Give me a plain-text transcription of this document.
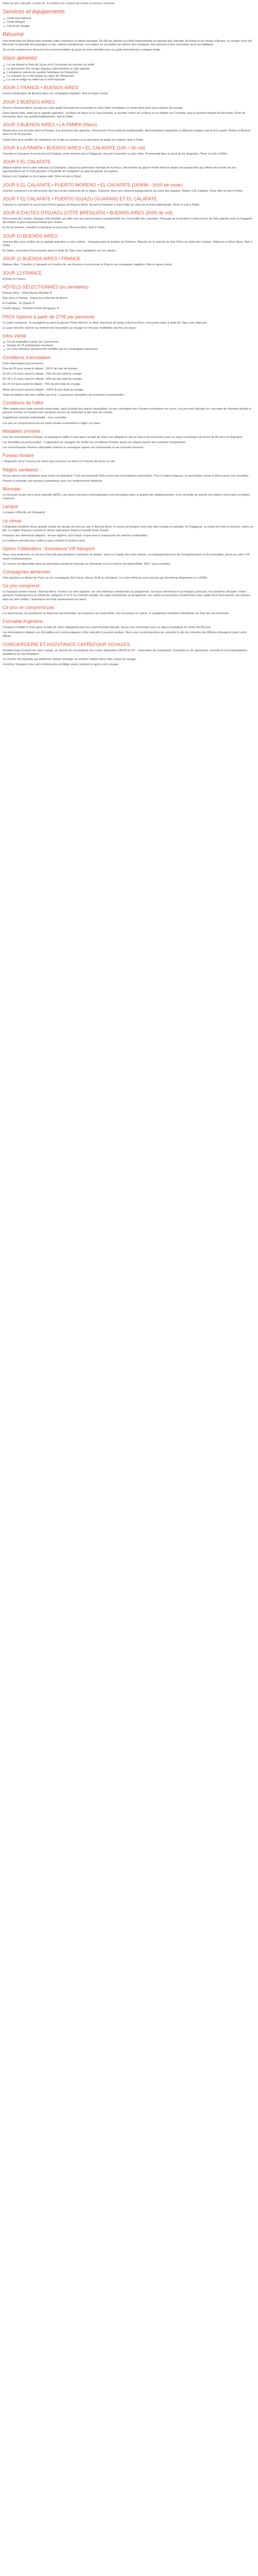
Dans les prix indicatifs à partir de, du forfait sont compris les extras et services suivants :

Services et équipements
Guide francophone
Guide bilingue
Carnet de voyage
Résumé

Une immersion au Brésil entre grandes villes coloniales et nature sauvage. De Rio de Janeiro à la forêt amazonienne en passant par Salvador de Bahia et les chutes d'Iguaçu, ce voyage vous fait découvrir la diversité des paysages et des cultures brésiliennes. Les étapes se succèdent au rythme des musiques, des saveurs et des rencontres avec les habitants.

Un circuit complet pour découvrir les incontournables du pays en toute sérénité avec un guide francophone à chaque étape.

Vous aimerez
La vue depuis le Pain de Sucre et le Corcovado au coucher du soleil
La découverte des chutes d'Iguaçu côté brésilien et côté argentin
L'ambiance colorée du quartier historique du Pelourinho
La croisière sur le Rio Negro au cœur de l'Amazonie
La nuit en lodge au milieu de la forêt tropicale
JOUR 1 FRANCE • BUENOS AIRES

Envol à destination de Buenos Aires sur compagnie régulière. Nuit et repas à bord.

JOUR 2 BUENOS AIRES

Arrivée à Buenos Aires, accueil par votre guide francophone et transfert à votre hôtel. Installation et temps libre pour vous reposer du voyage.

Dans l'après-midi, visite de la capitale argentine : la Plaza de Mayo et la Casa Rosada, le quartier coloré de La Boca et sa célèbre rue Caminito, puis le quartier élégant de Recoleta. Dîner de bienvenue dans une parrilla traditionnelle. Nuit à l'hôtel.

JOUR 3 BUENOS AIRES • LA PAMPA (95km)

Départ pour une journée dans la Pampa, à la rencontre des gauchos. Découverte d'une estancia traditionnelle, démonstrations équestres et déjeuner typique autour d'un asado. Retour à Buenos Aires en fin de journée.

Soirée libre pour profiter de l'ambiance de la ville ou assister à un spectacle de tango (en option). Nuit à l'hôtel.

JOUR 4 LA PAMPA • BUENOS AIRES • EL CALAFATE (100 ÷ 5h vol)

Transfert à l'aéroport et envol pour El Calafate, porte d'entrée de la Patagonie. Accueil et transfert à votre hôtel. Promenade libre au bord du lac Argentino. Dîner et nuit à l'hôtel.

JOUR 5 EL CALAFATE

Départ matinal vers le parc national Los Glaciares, classé au patrimoine mondial de l'Unesco. Découverte du glacier Perito Moreno depuis les passerelles qui offrent des points de vue spectaculaires sur le front glaciaire. Possibilité de navigation au pied du glacier (en option).

Retour à El Calafate en fin d'après-midi. Dîner et nuit à l'hôtel.

JOUR 6 EL CALAFATE • PUERTO MORENO • EL CALAFATE (160KM - 1h00 de route)

Journée consacrée à la découverte des lacs et des estancias de la région. Déjeuner dans une estancia patagonienne au cœur des steppes. Retour à El Calafate. Dîner libre et nuit à l'hôtel.

JOUR 7 EL CALAFATE • PUERTO IGUAZU (GUARANI) ET EL CALAFATE

Transfert à l'aéroport et envol pour Puerto Iguazu via Buenos Aires. Accueil et transfert à votre hôtel au cœur de la forêt subtropicale. Dîner et nuit à l'hôtel.

JOUR 8 CHUTES D'IGUAZU (CÔTÉ BRÉSILIEN) • BUENOS AIRES (2h00 de vol)

Découverte des chutes d'Iguaçu côté brésilien qui offre une vue panoramique exceptionnelle sur l'ensemble des cascades. Passage de la frontière et découverte du côté argentin avec la Garganta del Diablo, la plus impressionnante des chutes.

En fin de journée, transfert à l'aéroport et envol pour Buenos Aires. Nuit à l'hôtel.

JOUR 10 BUENOS AIRES

Journée libre pour profiter de la capitale argentine à votre rythme : shopping dans le quartier de Palermo, flânerie sur le marché de San Telmo ou visite des musées. Déjeuner et dîner libres. Nuit à l'hôtel.

En option, excursion d'une journée dans le delta du Tigre avec navigation sur les canaux.

JOUR 11 BUENOS AIRES • FRANCE

Matinée libre. Transfert à l'aéroport en fonction de vos horaires et envol pour la France sur compagnie régulière. Nuit et repas à bord.

JOUR 12 FRANCE

Arrivée en France.

HÔTELS SÉLECTIONNÉS (ou similaires)

Buenos Aires : Hotel Nuevo Mundial 4*

Nuit dans la Pampa : Estancia La Bamba de Areco

El Calafate : El Quijote 3*

Puerto Iguazu : Amérian Portal del Iguazu 4*

PACK Options à partir de 270€ par personne

Ce pack comprend : la navigation au pied du glacier Perito Moreno, le dîner spectacle de tango à Buenos Aires, l'excursion dans le delta du Tigre avec déjeuner.

Le pack doit être réservé au moment de l'inscription au voyage et n'est pas modifiable une fois sur place.

Infos Vérité
Circuit réalisable à partir de 2 personnes
Groupe de 16 participants maximum
Les vols intérieurs peuvent être modifiés par les compagnies aériennes
Conditions d'annulation

Frais d'annulation par personne :

Plus de 60 jours avant le départ : 150 € de frais de dossier.

De 60 à 31 jours avant le départ : 25% du prix total du voyage.

De 30 à 21 jours avant le départ : 50% du prix total du voyage.

De 20 à 8 jours avant le départ : 75% du prix total du voyage.

Moins de 8 jours avant le départ : 100% du prix total du voyage.

Toute annulation doit être notifiée par écrit. L'assurance annulation est vivement recommandée.

Conditions de l'offre

Offre valable pour toute nouvelle réservation, dans la limite des places disponibles, et non cumulable avec d'autres promotions en cours. Les prix sont calculés sur une base de chambre double et peuvent évoluer en fonction des variations du prix du carburant et des taux de change.

Supplément chambre individuelle : nous consulter.

Les prix ne comprennent pas les taxes locales éventuelles à régler sur place.

Modalités d'entrée :

Pour les ressortissants français, un passeport valide 6 mois après la date de retour est obligatoire. Aucun visa n'est nécessaire pour un séjour touristique de moins de 90 jours en Argentine.

Les formalités peuvent évoluer : il appartient au voyageur de vérifier les conditions d'entrée avant son départ auprès des autorités compétentes.

Les ressortissants d'autres nationalités doivent se renseigner auprès de l'ambassade ou du consulat concerné.

Fuseau horaire

L'Argentine est à 4 heures de moins que la France en hiver et 5 heures de moins en été.

Règles sanitaires :

Aucun vaccin n'est obligatoire pour entrer en Argentine. Il est recommandé d'être à jour des vaccinations universelles. Pour la région d'Iguazu, la vaccination contre la fièvre jaune est conseillée.

Pensez à emporter une trousse à pharmacie avec vos médicaments habituels.

Monnaie

La monnaie locale est le peso argentin (ARS). Les cartes bancaires internationales sont acceptées dans la plupart des établissements. Il est conseillé de prévoir des dollars américains en petites coupures.

Langue

La langue officielle est l'espagnol.

Le climat

L'Argentine bénéficie d'une grande variété de climats du nord au sud. À Buenos Aires, le climat est tempéré avec des étés chauds et humides. En Patagonie, le climat est froid et venteux, même en été. La région d'Iguazu connaît un climat subtropical chaud et humide toute l'année.

Prévoyez des vêtements adaptés : tenues légères, pull chaud, coupe-vent et chaussures de marche confortables.

La meilleure période pour visiter le pays s'étend d'octobre à avril.

Option Fidélisation : Assistance VIP Aéroport

Nous vous proposons un service d'accueil personnalisé à l'aéroport de départ : prise en charge dès votre arrivée, accompagnement lors de l'enregistrement et des formalités, accès au salon VIP avant l'embarquement.

Ce service est disponible dans les principaux aéroports français sur demande et sous réserve de disponibilité. Tarif : nous consulter.

Compagnies aériennes

Vols réguliers au départ de Paris sur les compagnies Air France, Iberia, KLM ou similaires. Les vols intérieurs sont assurés par Aerolineas Argentinas ou LATAM.

Ce prix comprend

Le transport aérien France / Buenos Aires / France sur vols réguliers, les vols intérieurs mentionnés au programme, les taxes aériennes et surcharges carburant, les transferts aéroport / hôtel / aéroport, l'hébergement en hôtels de catégorie 3* et 4* en chambre double, les repas mentionnés au programme, les visites et excursions mentionnées avec guide local francophone, les entrées dans les sites visités, l'assistance de notre représentant sur place.

Ce prix ne comprend pas

Les assurances, les pourboires et dépenses personnelles, les boissons, les repas libres, les excursions en option, le supplément chambre individuelle, les frais de visa éventuels.

Formalité Argentine

Passeport valable 6 mois après la date de retour obligatoire pour les ressortissants français. Aucun visa nécessaire pour un séjour touristique de moins de 90 jours.

Les informations relatives aux formalités sont communiquées à titre indicatif et peuvent évoluer. Nous vous recommandons de consulter le site du ministère des Affaires étrangères avant votre départ.

CONCIERGERIE ET ASSISTANCE CARREFOUR VOYAGES

Pendant toute la durée de votre voyage, un service de conciergerie est à votre disposition 24h/24 et 7j/7 : réservation de restaurants, d'activités ou de spectacles, conseils et recommandations, assistance en cas d'imprévu.

Ce service est joignable par téléphone depuis l'étranger au numéro indiqué dans votre carnet de voyage.

Carrefour Voyages reste votre interlocuteur privilégié avant, pendant et après votre voyage.
